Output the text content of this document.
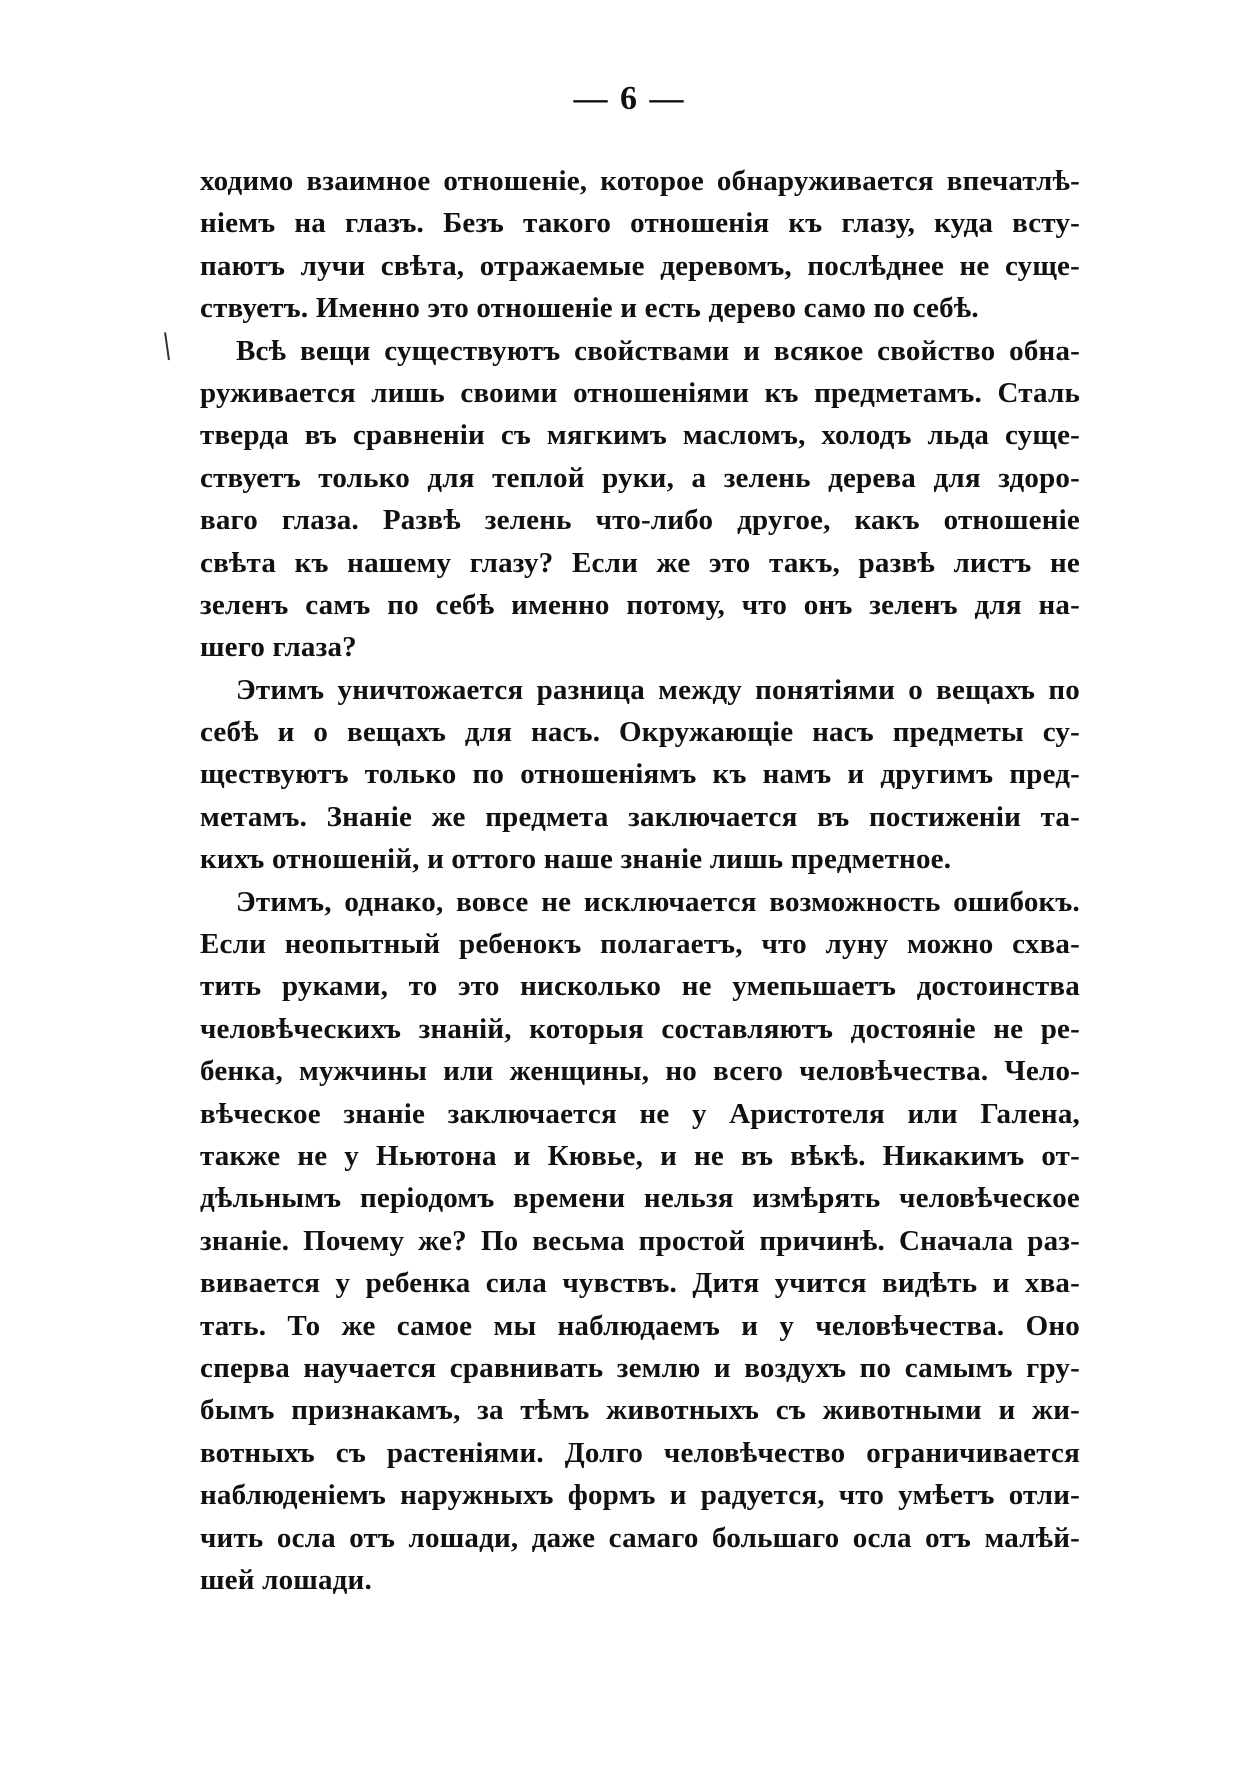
— 6 —
ходимо взаимное отношеніе, которое обнаруживается впечатлѣ-
ніемъ на глазъ. Безъ такого отношенія къ глазу, куда всту-
паютъ лучи свѣта, отражаемые деревомъ, послѣднее не суще-
ствуетъ. Именно это отношеніе и есть дерево само по себѣ.
Всѣ вещи существуютъ свойствами и всякое свойство обна-
руживается лишь своими отношеніями къ предметамъ. Сталь
тверда въ сравненіи съ мягкимъ масломъ, холодъ льда суще-
ствуетъ только для теплой руки, а зелень дерева для здоро-
ваго глаза. Развѣ зелень что-либо другое, какъ отношеніе
свѣта къ нашему глазу? Если же это такъ, развѣ листъ не
зеленъ самъ по себѣ именно потому, что онъ зеленъ для на-
шего глаза?
Этимъ уничтожается разница между понятіями о вещахъ по
себѣ и о вещахъ для насъ. Окружающіе насъ предметы су-
ществуютъ только по отношеніямъ къ намъ и другимъ пред-
метамъ. Знаніе же предмета заключается въ постиженіи та-
кихъ отношеній, и оттого наше знаніе лишь предметное.
Этимъ, однако, вовсе не исключается возможность ошибокъ.
Если неопытный ребенокъ полагаетъ, что луну можно схва-
тить руками, то это нисколько не умепьшаетъ достоинства
человѣческихъ знаній, которыя составляютъ достояніе не ре-
бенка, мужчины или женщины, но всего человѣчества. Чело-
вѣческое знаніе заключается не у Аристотеля или Галена,
также не у Ньютона и Кювье, и не въ вѣкѣ. Никакимъ от-
дѣльнымъ періодомъ времени нельзя измѣрять человѣческое
знаніе. Почему же? По весьма простой причинѣ. Сначала раз-
вивается у ребенка сила чувствъ. Дитя учится видѣть и хва-
тать. То же самое мы наблюдаемъ и у человѣчества. Оно
сперва научается сравнивать землю и воздухъ по самымъ гру-
бымъ признакамъ, за тѣмъ животныхъ съ животными и жи-
вотныхъ съ растеніями. Долго человѣчество ограничивается
наблюденіемъ наружныхъ формъ и радуется, что умѣетъ отли-
чить осла отъ лошади, даже самаго большаго осла отъ малѣй-
шей лошади.
